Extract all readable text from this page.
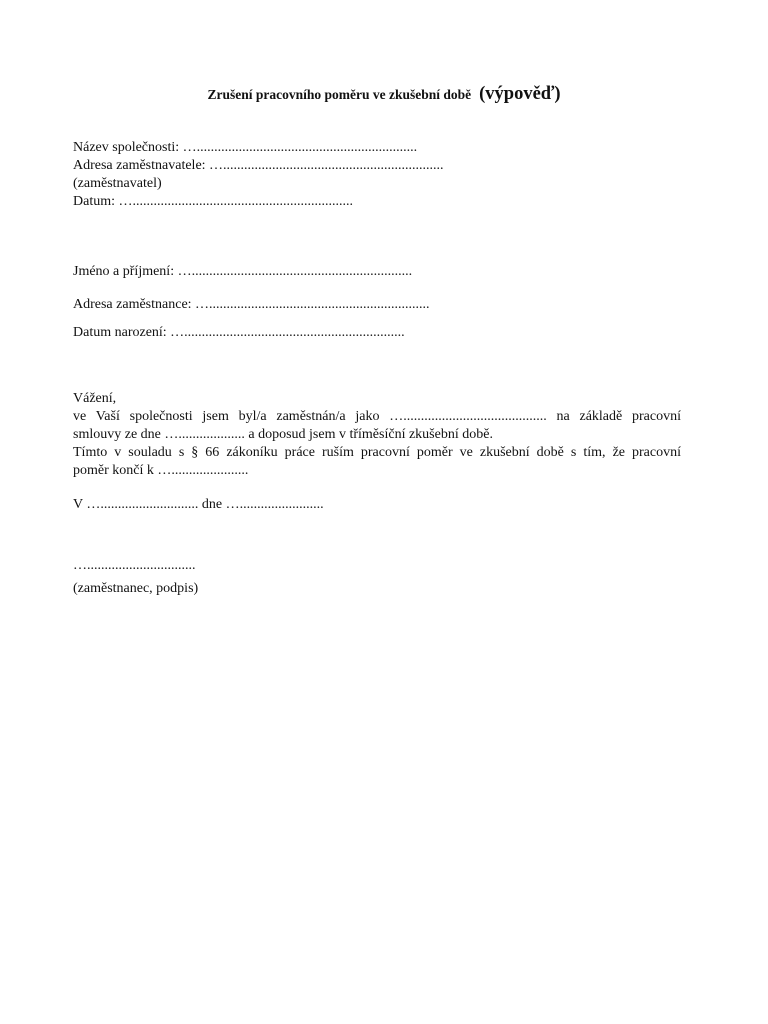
Zrušení pracovního poměru ve zkušební době (výpověď)
Název společnosti: …...............................................................
Adresa zaměstnavatele: …...............................................................
(zaměstnavatel)
Datum: …...............................................................
Jméno a příjmení: …...............................................................
Adresa zaměstnance: …...............................................................
Datum narození: …...............................................................

Vážení,

ve Vaší společnosti jsem byl/a zaměstnán/a jako …......................................... na základě pracovní

smlouvy ze dne …................... a doposud jsem v tříměsíční zkušební době.

Tímto v souladu s § 66 zákoníku práce ruším pracovní poměr ve zkušební době s tím, že pracovní

poměr končí k …......................

V …............................ dne …........................
…...............................
(zaměstnanec, podpis)
